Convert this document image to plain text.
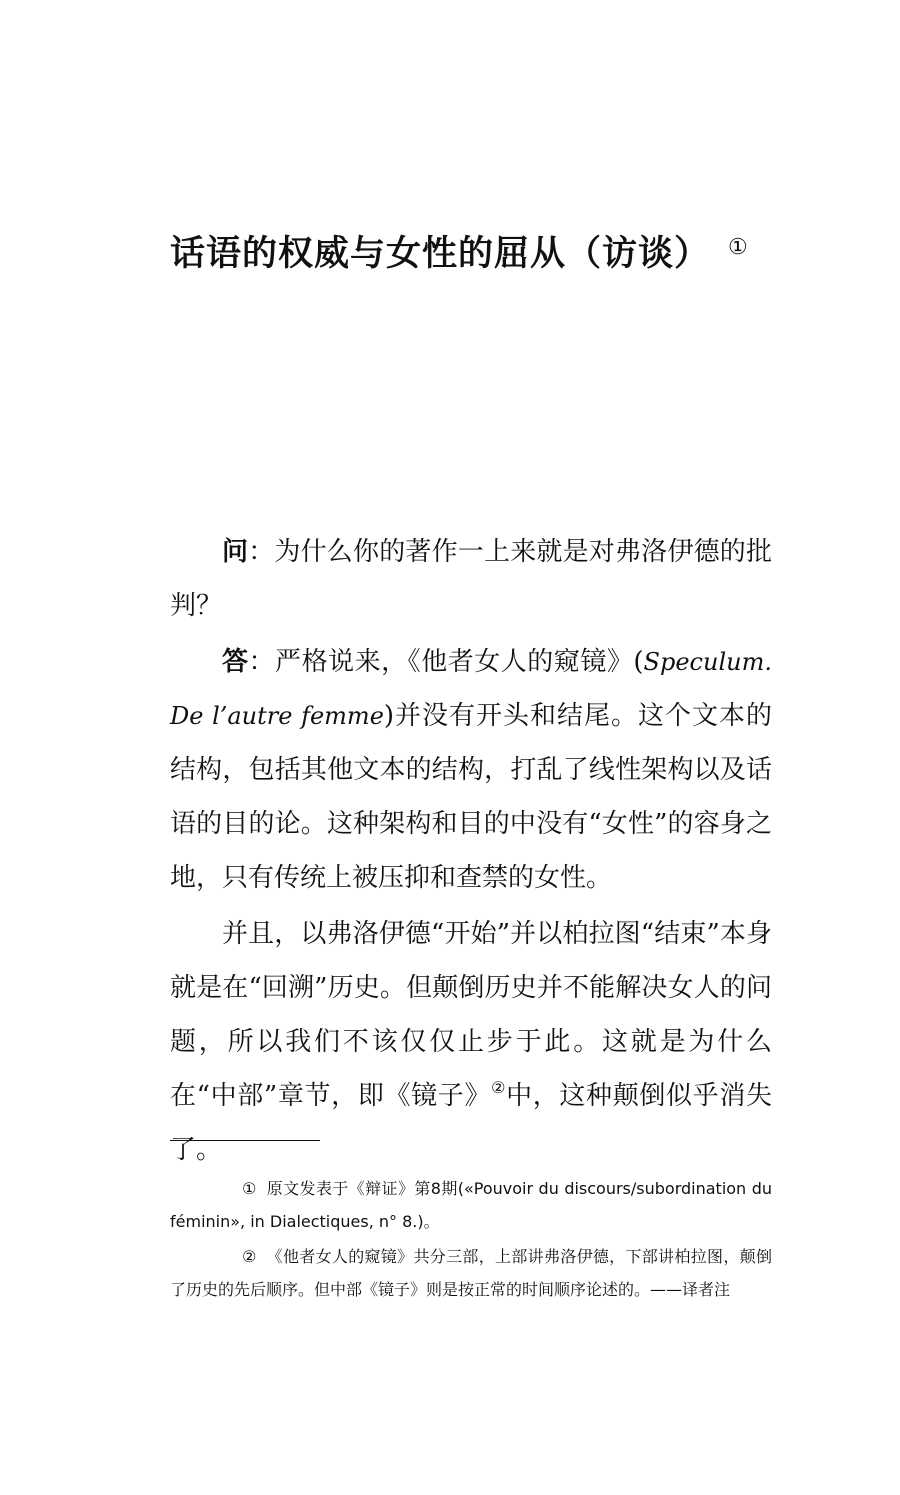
话语的权威与女性的屈从（访谈） ①

问：为什么你的著作一上来就是对弗洛伊德的批判？

答：严格说来，《他者女人的窥镜》(Speculum. De l’autre femme)并没有开头和结尾。这个文本的结构，包括其他文本的结构，打乱了线性架构以及话语的目的论。这种架构和目的中没有“女性”的容身之地，只有传统上被压抑和查禁的女性。

并且，以弗洛伊德“开始”并以柏拉图“结束”本身就是在“回溯”历史。但颠倒历史并不能解决女人的问题，所以我们不该仅仅止步于此。这就是为什么在“中部”章节，即《镜子》②中，这种颠倒似乎消失了。

① 原文发表于《辩证》第8期(«Pouvoir du discours/subordination du féminin», in Dialectiques, n° 8.)。

② 《他者女人的窥镜》共分三部，上部讲弗洛伊德，下部讲柏拉图，颠倒了历史的先后顺序。但中部《镜子》则是按正常的时间顺序论述的。——译者注
